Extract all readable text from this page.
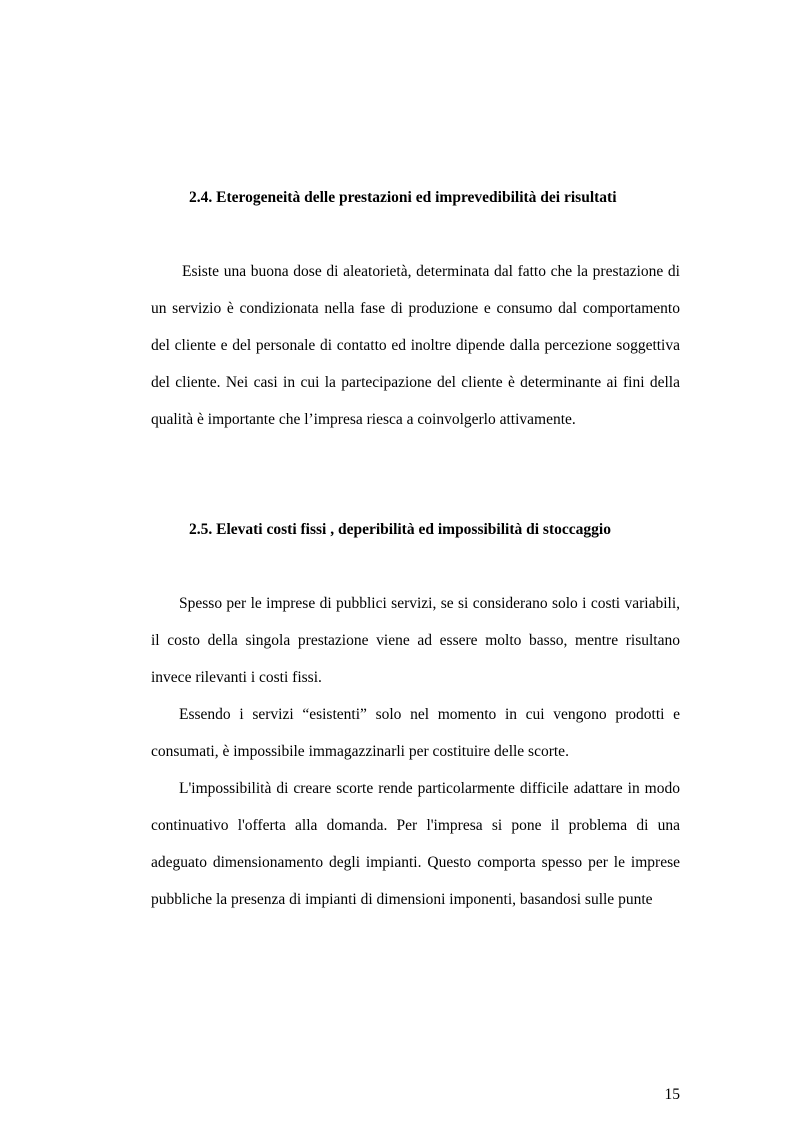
2.4. Eterogeneità delle prestazioni ed imprevedibilità dei risultati

Esiste una buona dose di aleatorietà, determinata dal fatto che la prestazione di un servizio è condizionata nella fase di produzione e consumo dal comportamento del cliente e del personale di contatto ed inoltre dipende dalla percezione soggettiva del cliente. Nei casi in cui la partecipazione del cliente è determinante ai fini della qualità è importante che l’impresa riesca a coinvolgerlo attivamente.

2.5. Elevati costi fissi , deperibilità ed impossibilità di stoccaggio

Spesso per le imprese di pubblici servizi, se si considerano solo i costi variabili, il costo della singola prestazione viene ad essere molto basso, mentre risultano invece rilevanti i costi fissi.

Essendo i servizi “esistenti” solo nel momento in cui vengono prodotti e consumati, è impossibile immagazzinarli per costituire delle scorte.

L'impossibilità di creare scorte rende particolarmente difficile adattare in modo continuativo l'offerta alla domanda. Per l'impresa si pone il problema di una adeguato dimensionamento degli impianti. Questo comporta spesso per le imprese pubbliche la presenza di impianti di dimensioni imponenti, basandosi sulle punte

15
